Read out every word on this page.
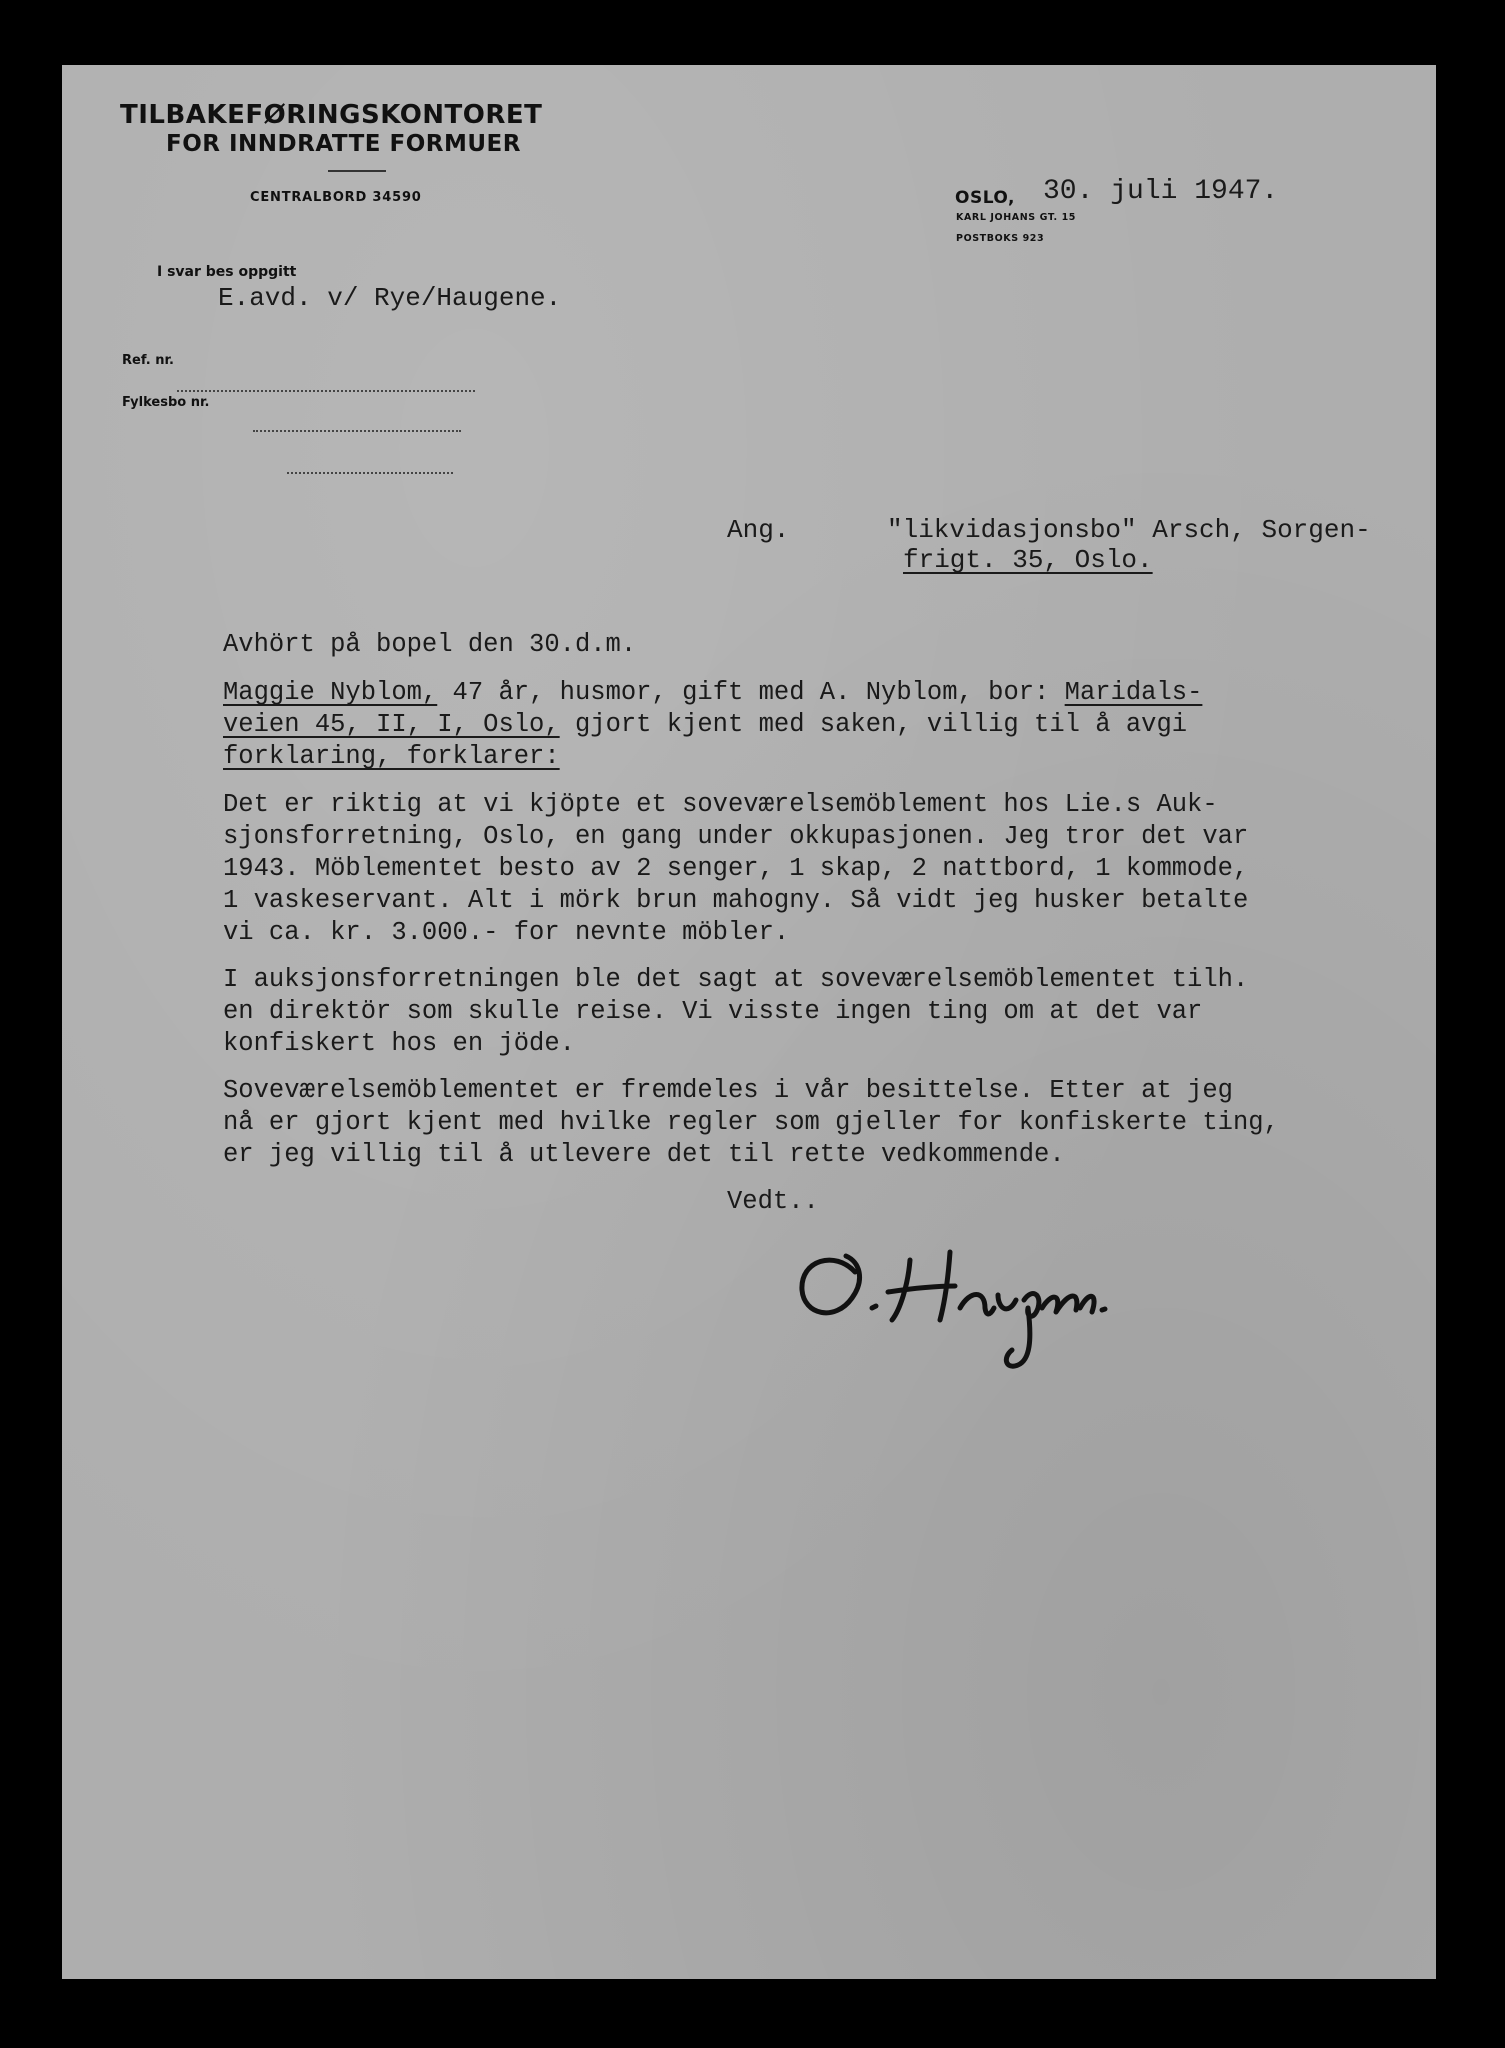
TILBAKEFØRINGSKONTORET
FOR INNDRATTE FORMUER
CENTRALBORD 34590	OSLO, 30. juli 1947.
KARL JOHANS GT. 15
POSTBOKS 923
I svar bes oppgitt
E.avd. v/ Rye/Haugene.
Ref. nr.
Fylkesbo nr.
Ang.	"likvidasjonsbo" Arsch, Sorgen-
frigt. 35, Oslo.
Avhört på bopel den 30.d.m.
Maggie Nyblom, 47 år, husmor, gift med A. Nyblom, bor: Maridals-
veien 45, II, I, Oslo, gjort kjent med saken, villig til å avgi
forklaring, forklarer:
Det er riktig at vi kjöpte et soveværelsemöblement hos Lie.s Auk-
sjonsforretning, Oslo, en gang under okkupasjonen. Jeg tror det var
1943. Möblementet besto av 2 senger, 1 skap, 2 nattbord, 1 kommode,
1 vaskeservant. Alt i mörk brun mahogny. Så vidt jeg husker betalte
vi ca. kr. 3.000.- for nevnte möbler.
I auksjonsforretningen ble det sagt at soveværelsemöblementet tilh.
en direktör som skulle reise. Vi visste ingen ting om at det var
konfiskert hos en jöde.
Soveværelsemöblementet er fremdeles i vår besittelse. Etter at jeg
nå er gjort kjent med hvilke regler som gjeller for konfiskerte ting,
er jeg villig til å utlevere det til rette vedkommende.
Vedt..
